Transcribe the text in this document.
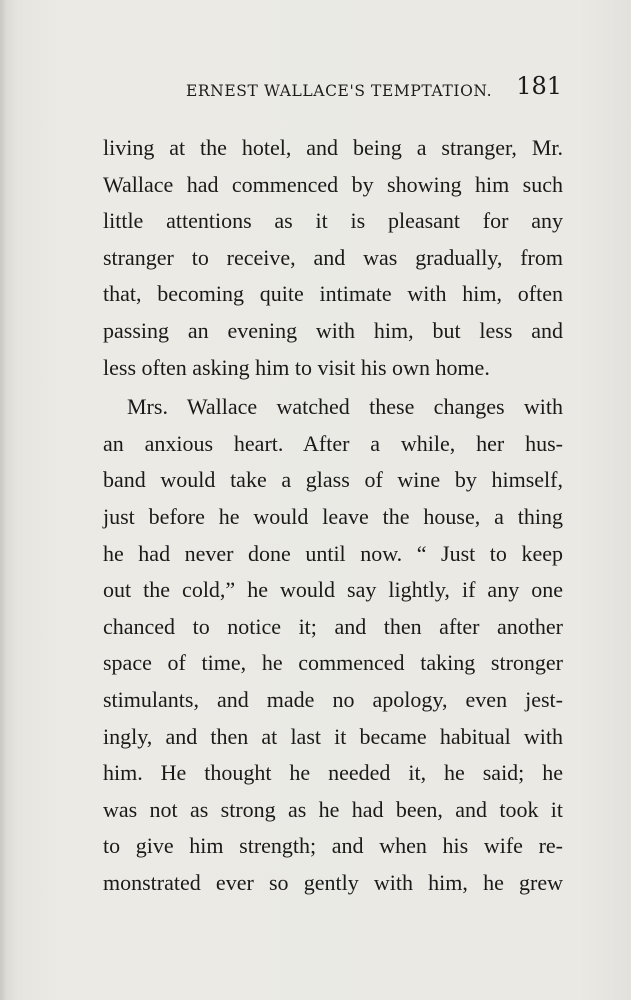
ERNEST WALLACE'S TEMPTATION. 181
living at the hotel, and being a stranger, Mr.
Wallace had commenced by showing him such
little attentions as it is pleasant for any
stranger to receive, and was gradually, from
that, becoming quite intimate with him, often
passing an evening with him, but less and
less often asking him to visit his own home.
Mrs. Wallace watched these changes with
an anxious heart. After a while, her hus-
band would take a glass of wine by himself,
just before he would leave the house, a thing
he had never done until now. “ Just to keep
out the cold,” he would say lightly, if any one
chanced to notice it; and then after another
space of time, he commenced taking stronger
stimulants, and made no apology, even jest-
ingly, and then at last it became habitual with
him. He thought he needed it, he said; he
was not as strong as he had been, and took it
to give him strength; and when his wife re-
monstrated ever so gently with him, he grew
